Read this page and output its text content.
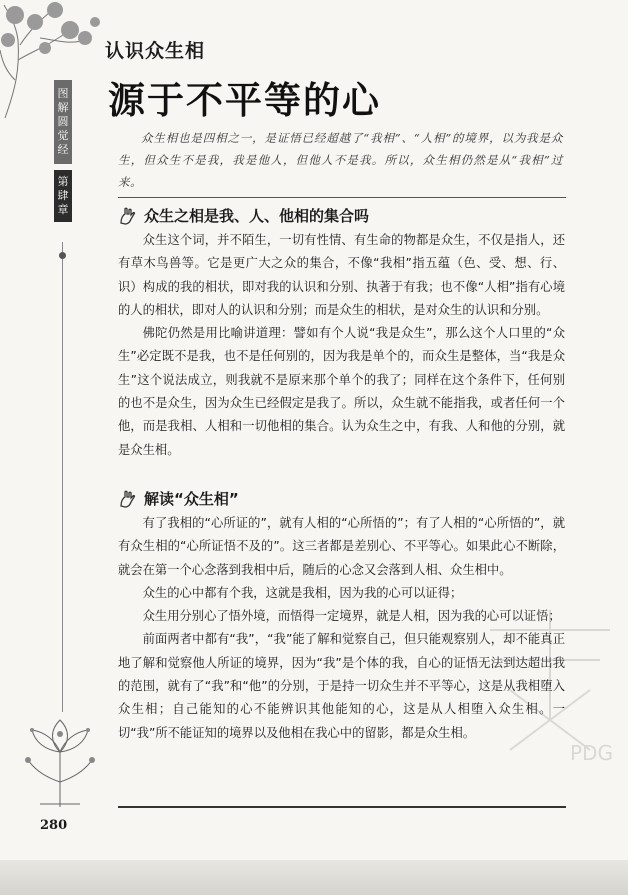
图
解
圆
觉
经
第
肆
章
认识众生相
源于不平等的心
众生相也是四相之一，是证悟已经超越了“我相”、“人相”的境界，以为我是众生，但众生不是我，我是他人，但他人不是我。所以，众生相仍然是从“我相”过来。
众生之相是我、人、他相的集合吗

众生这个词，并不陌生，一切有性情、有生命的物都是众生，不仅是指人，还有草木鸟兽等。它是更广大之众的集合，不像“我相”指五蕴（色、受、想、行、识）构成的我的相状，即对我的认识和分别、执著于有我；也不像“人相”指有心境的人的相状，即对人的认识和分别；而是众生的相状，是对众生的认识和分别。

佛陀仍然是用比喻讲道理：譬如有个人说“我是众生”，那么这个人口里的“众生”必定既不是我，也不是任何别的，因为我是单个的，而众生是整体，当“我是众生”这个说法成立，则我就不是原来那个单个的我了；同样在这个条件下，任何别的也不是众生，因为众生已经假定是我了。所以，众生就不能指我，或者任何一个他，而是我相、人相和一切他相的集合。认为众生之中，有我、人和他的分别，就是众生相。

解读“众生相”

有了我相的“心所证的”，就有人相的“心所悟的”；有了人相的“心所悟的”，就有众生相的“心所证悟不及的”。这三者都是差别心、不平等心。如果此心不断除，就会在第一个心念落到我相中后，随后的心念又会落到人相、众生相中。

众生的心中都有个我，这就是我相，因为我的心可以证得；

众生用分别心了悟外境，而悟得一定境界，就是人相，因为我的心可以证悟；

前面两者中都有“我”，“我”能了解和觉察自己，但只能观察别人，却不能真正地了解和觉察他人所证的境界，因为“我”是个体的我，自心的证悟无法到达超出我的范围，就有了“我”和“他”的分别，于是持一切众生并不平等心，这是从我相堕入众生相；自己能知的心不能辨识其他能知的心，这是从人相堕入众生相。一切“我”所不能证知的境界以及他相在我心中的留影，都是众生相。

PDG
280
